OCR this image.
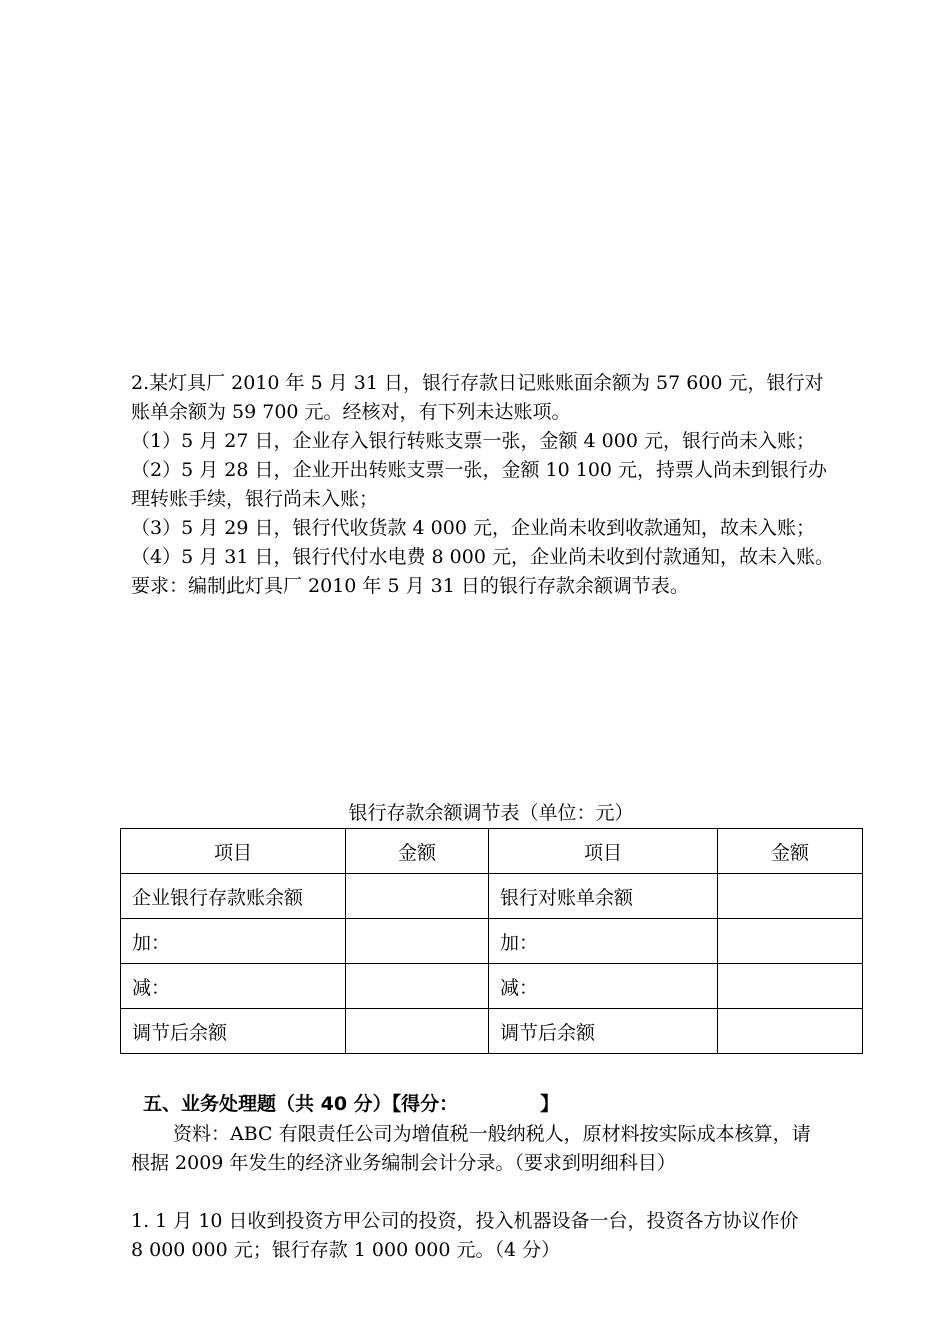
2.某灯具厂 2010 年 5 月 31 日，银行存款日记账账面余额为 57 600 元，银行对
账单余额为 59 700 元。经核对，有下列未达账项。
（1）5 月 27 日，企业存入银行转账支票一张，金额 4 000 元，银行尚未入账；
（2）5 月 28 日，企业开出转账支票一张，金额 10 100 元，持票人尚未到银行办
理转账手续，银行尚未入账；
（3）5 月 29 日，银行代收货款 4 000 元，企业尚未收到收款通知，故未入账；
（4）5 月 31 日，银行代付水电费 8 000 元，企业尚未收到付款通知，故未入账。
要求：编制此灯具厂 2010 年 5 月 31 日的银行存款余额调节表。
银行存款余额调节表（单位：元）
项目	金额	项目	金额
企业银行存款账余额		银行对账单余额	
加：		加：	
减：		减：	
调节后余额		调节后余额	
五、业务处理题（共 40 分）【得分：	】
资料：ABC 有限责任公司为增值税一般纳税人，原材料按实际成本核算，请
根据 2009 年发生的经济业务编制会计分录。（要求到明细科目）
1. 1 月 10 日收到投资方甲公司的投资，投入机器设备一台，投资各方协议作价
8 000 000 元；银行存款 1 000 000 元。（4 分）
